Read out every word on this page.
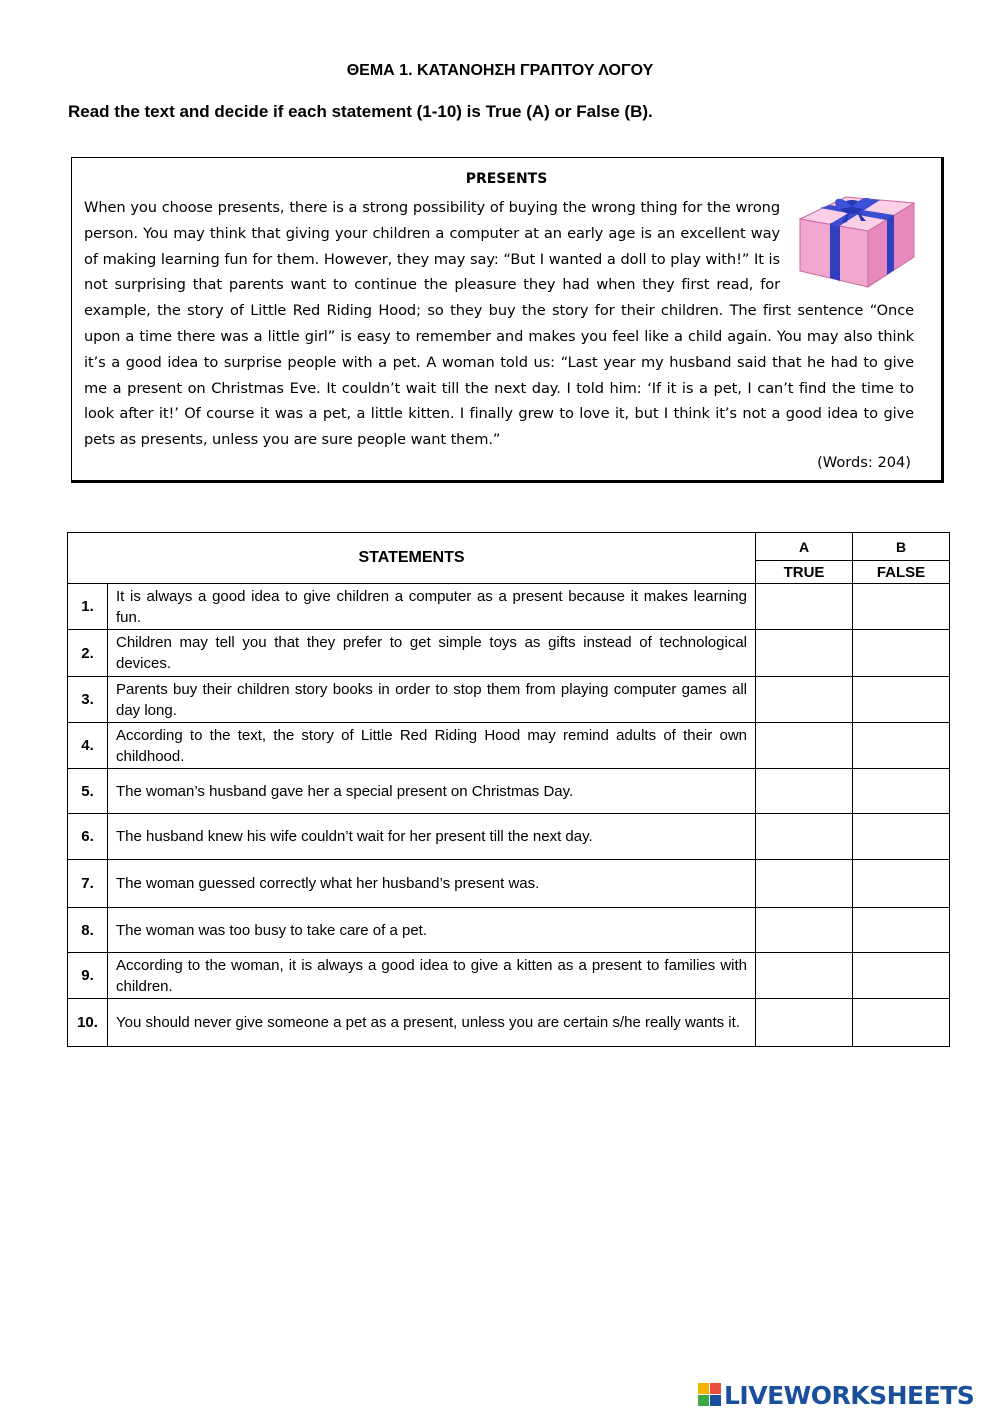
ΘΕΜΑ 1. ΚΑΤΑΝΟΗΣΗ ΓΡΑΠΤΟΥ ΛΟΓΟΥ
Read the text and decide if each statement (1-10) is True (A) or False (B).
PRESENTS

When you choose presents, there is a strong possibility of buying the wrong thing for the wrong person. You may think that giving your children a computer at an early age is an excellent way of making learning fun for them. However, they may say: “But I wanted a doll to play with!” It is not surprising that parents want to continue the pleasure they had when they first read, for example, the story of Little Red Riding Hood; so they buy the story for their children. The first sentence “Once upon a time there was a little girl” is easy to remember and makes you feel like a child again. You may also think it’s a good idea to surprise people with a pet. A woman told us: “Last year my husband said that he had to give me a present on Christmas Eve. It couldn’t wait till the next day. I told him: ‘If it is a pet, I can’t find the time to look after it!’ Of course it was a pet, a little kitten. I finally grew to love it, but I think it’s not a good idea to give pets as presents, unless you are sure people want them.”

(Words: 204)
STATEMENTS		A	B
		TRUE	FALSE
1.	It is always a good idea to give children a computer as a present because it makes learning fun.		
2.	Children may tell you that they prefer to get simple toys as gifts instead of technological devices.		
3.	Parents buy their children story books in order to stop them from playing computer games all day long.		
4.	According to the text, the story of Little Red Riding Hood may remind adults of their own childhood.		
5.	The woman’s husband gave her a special present on Christmas Day.		
6.	The husband knew his wife couldn’t wait for her present till the next day.		
7.	The woman guessed correctly what her husband’s present was.		
8.	The woman was too busy to take care of a pet.		
9.	According to the woman, it is always a good idea to give a kitten as a present to families with children.		
10.	You should never give someone a pet as a present, unless you are certain s/he really wants it.		
LIVEWORKSHEETS
